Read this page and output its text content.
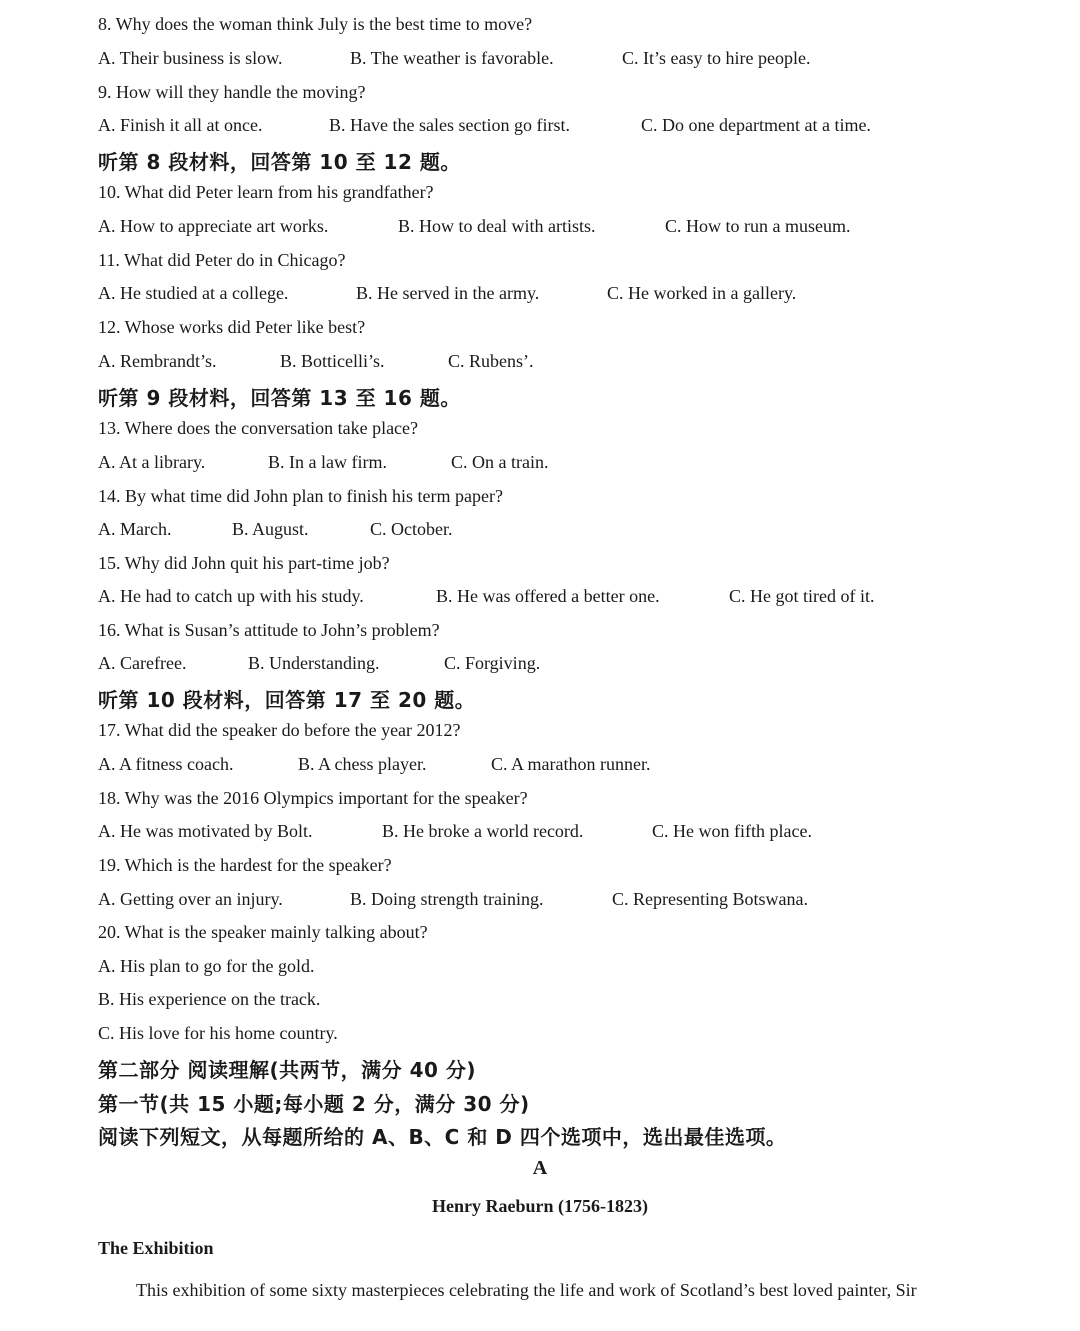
8. Why does the woman think July is the best time to move?
A. Their business is slow.	B. The weather is favorable.	C. It’s easy to hire people.
9. How will they handle the moving?
A. Finish it all at once.	B. Have the sales section go first.	C. Do one department at a time.
听第 8 段材料，回答第 10 至 12 题。
10. What did Peter learn from his grandfather?
A. How to appreciate art works.	B. How to deal with artists.	C. How to run a museum.
11. What did Peter do in Chicago?
A. He studied at a college.	B. He served in the army.	C. He worked in a gallery.
12. Whose works did Peter like best?
A. Rembrandt’s.	B. Botticelli’s.	C. Rubens’.
听第 9 段材料，回答第 13 至 16 题。
13. Where does the conversation take place?
A. At a library.	B. In a law firm.	C. On a train.
14. By what time did John plan to finish his term paper?
A. March.	B. August.	C. October.
15. Why did John quit his part-time job?
A. He had to catch up with his study.	B. He was offered a better one.	C. He got tired of it.
16. What is Susan’s attitude to John’s problem?
A. Carefree.	B. Understanding.	C. Forgiving.
听第 10 段材料，回答第 17 至 20 题。
17. What did the speaker do before the year 2012?
A. A fitness coach.	B. A chess player.	C. A marathon runner.
18. Why was the 2016 Olympics important for the speaker?
A. He was motivated by Bolt.	B. He broke a world record.	C. He won fifth place.
19. Which is the hardest for the speaker?
A. Getting over an injury.	B. Doing strength training.	C. Representing Botswana.
20. What is the speaker mainly talking about?
A. His plan to go for the gold.
B. His experience on the track.
C. His love for his home country.
第二部分 阅读理解(共两节，满分 40 分)
第一节(共 15 小题;每小题 2 分，满分 30 分)
阅读下列短文，从每题所给的 A、B、C 和 D 四个选项中，选出最佳选项。
A
Henry Raeburn (1756-1823)
The Exhibition
This exhibition of some sixty masterpieces celebrating the life and work of Scotland’s best loved painter, Sir
